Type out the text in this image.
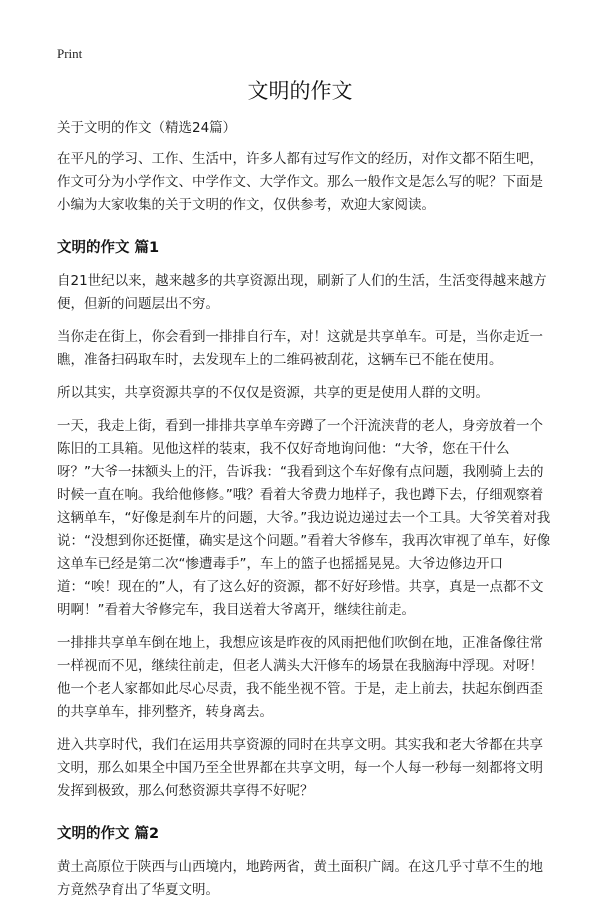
Print
文明的作文

关于文明的作文（精选24篇）

在平凡的学习、工作、生活中，许多人都有过写作文的经历，对作文都不陌生吧，作文可分为小学作文、中学作文、大学作文。那么一般作文是怎么写的呢？下面是小编为大家收集的关于文明的作文，仅供参考，欢迎大家阅读。

文明的作文 篇1

自21世纪以来，越来越多的共享资源出现，刷新了人们的生活，生活变得越来越方便，但新的问题层出不穷。

当你走在街上，你会看到一排排自行车，对！这就是共享单车。可是，当你走近一瞧，准备扫码取车时，去发现车上的二维码被刮花，这辆车已不能在使用。

所以其实，共享资源共享的不仅仅是资源，共享的更是使用人群的文明。

一天，我走上街，看到一排排共享单车旁蹲了一个汗流浃背的老人，身旁放着一个陈旧的工具箱。见他这样的装束，我不仅好奇地询问他：“大爷，您在干什么呀？”大爷一抹额头上的汗，告诉我：“我看到这个车好像有点问题，我刚骑上去的时候一直在响。我给他修修。”哦？看着大爷费力地样子，我也蹲下去，仔细观察着这辆单车，“好像是刹车片的问题，大爷。”我边说边递过去一个工具。大爷笑着对我说：“没想到你还挺懂，确实是这个问题。”看着大爷修车，我再次审视了单车，好像这单车已经是第二次“惨遭毒手”，车上的篮子也摇摇晃晃。大爷边修边开口道：“唉！现在的”人，有了这么好的资源，都不好好珍惜。共享，真是一点都不文明啊！”看着大爷修完车，我目送着大爷离开，继续往前走。

一排排共享单车倒在地上，我想应该是昨夜的风雨把他们吹倒在地，正准备像往常一样视而不见，继续往前走，但老人满头大汗修车的场景在我脑海中浮现。对呀！他一个老人家都如此尽心尽责，我不能坐视不管。于是，走上前去，扶起东倒西歪的共享单车，排列整齐，转身离去。

进入共享时代，我们在运用共享资源的同时在共享文明。其实我和老大爷都在共享文明，那么如果全中国乃至全世界都在共享文明，每一个人每一秒每一刻都将文明发挥到极致，那么何愁资源共享得不好呢？

文明的作文 篇2

黄土高原位于陕西与山西境内，地跨两省，黄土面积广阔。在这几乎寸草不生的地方竟然孕育出了华夏文明。
